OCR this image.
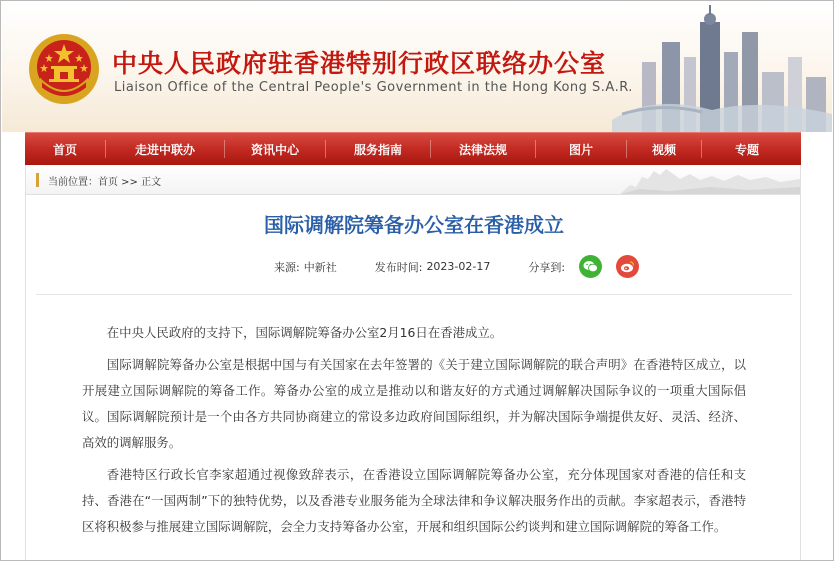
中央人民政府驻香港特别行政区联络办公室
Liaison Office of the Central People's Government in the Hong Kong S.A.R.
首页	走进中联办	资讯中心	服务指南	法律法规	图片	视频	专题
当前位置：首页 >> 正文
国际调解院筹备办公室在香港成立
来源: 中新社	发布时间: 2023-02-17	分享到:

在中央人民政府的支持下，国际调解院筹备办公室2月16日在香港成立。

国际调解院筹备办公室是根据中国与有关国家在去年签署的《关于建立国际调解院的联合声明》在香港特区成立，以开展建立国际调解院的筹备工作。筹备办公室的成立是推动以和谐友好的方式通过调解解决国际争议的一项重大国际倡议。国际调解院预计是一个由各方共同协商建立的常设多边政府间国际组织，并为解决国际争端提供友好、灵活、经济、高效的调解服务。

香港特区行政长官李家超通过视像致辞表示，在香港设立国际调解院筹备办公室，充分体现国家对香港的信任和支持、香港在“一国两制”下的独特优势，以及香港专业服务能为全球法律和争议解决服务作出的贡献。李家超表示，香港特区将积极参与推展建立国际调解院，会全力支持筹备办公室，开展和组织国际公约谈判和建立国际调解院的筹备工作。
